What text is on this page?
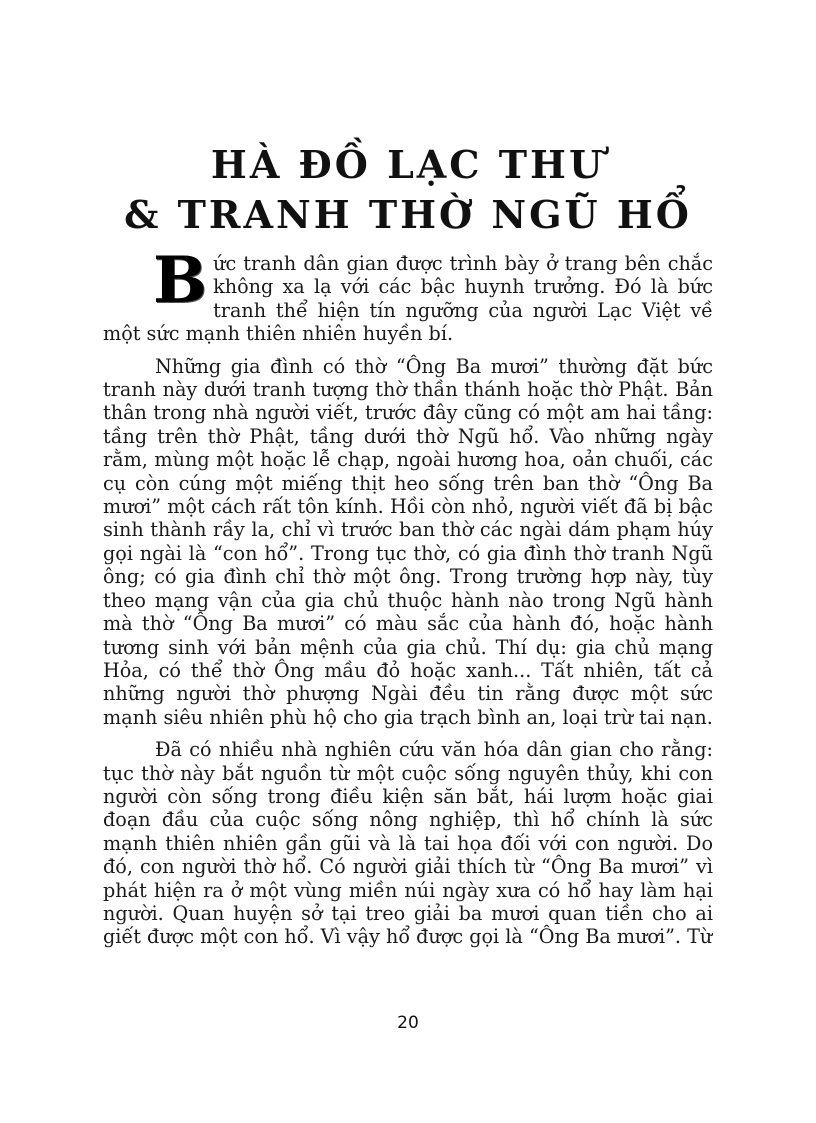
HÀ ĐỒ LẠC THƯ
& TRANH THỜ NGŨ HỔ

Bức tranh dân gian được trình bày ở trang bên chắc không xa lạ với các bậc huynh trưởng. Đó là bức tranh thể hiện tín ngưỡng của người Lạc Việt về một sức mạnh thiên nhiên huyền bí.

Những gia đình có thờ “Ông Ba mươi” thường đặt bức tranh này dưới tranh tượng thờ thần thánh hoặc thờ Phật. Bản thân trong nhà người viết, trước đây cũng có một am hai tầng: tầng trên thờ Phật, tầng dưới thờ Ngũ hổ. Vào những ngày rằm, mùng một hoặc lễ chạp, ngoài hương hoa, oản chuối, các cụ còn cúng một miếng thịt heo sống trên ban thờ “Ông Ba mươi” một cách rất tôn kính. Hồi còn nhỏ, người viết đã bị bậc sinh thành rầy la, chỉ vì trước ban thờ các ngài dám phạm húy gọi ngài là “con hổ”. Trong tục thờ, có gia đình thờ tranh Ngũ ông; có gia đình chỉ thờ một ông. Trong trường hợp này, tùy theo mạng vận của gia chủ thuộc hành nào trong Ngũ hành mà thờ “Ông Ba mươi” có màu sắc của hành đó, hoặc hành tương sinh với bản mệnh của gia chủ. Thí dụ: gia chủ mạng Hỏa, có thể thờ Ông mầu đỏ hoặc xanh... Tất nhiên, tất cả những người thờ phượng Ngài đều tin rằng được một sức mạnh siêu nhiên phù hộ cho gia trạch bình an, loại trừ tai nạn.

Đã có nhiều nhà nghiên cứu văn hóa dân gian cho rằng: tục thờ này bắt nguồn từ một cuộc sống nguyên thủy, khi con người còn sống trong điều kiện săn bắt, hái lượm hoặc giai đoạn đầu của cuộc sống nông nghiệp, thì hổ chính là sức mạnh thiên nhiên gần gũi và là tai họa đối với con người. Do đó, con người thờ hổ. Có người giải thích từ “Ông Ba mươi” vì phát hiện ra ở một vùng miền núi ngày xưa có hổ hay làm hại người. Quan huyện sở tại treo giải ba mươi quan tiền cho ai giết được một con hổ. Vì vậy hổ được gọi là “Ông Ba mươi”. Từ

20
